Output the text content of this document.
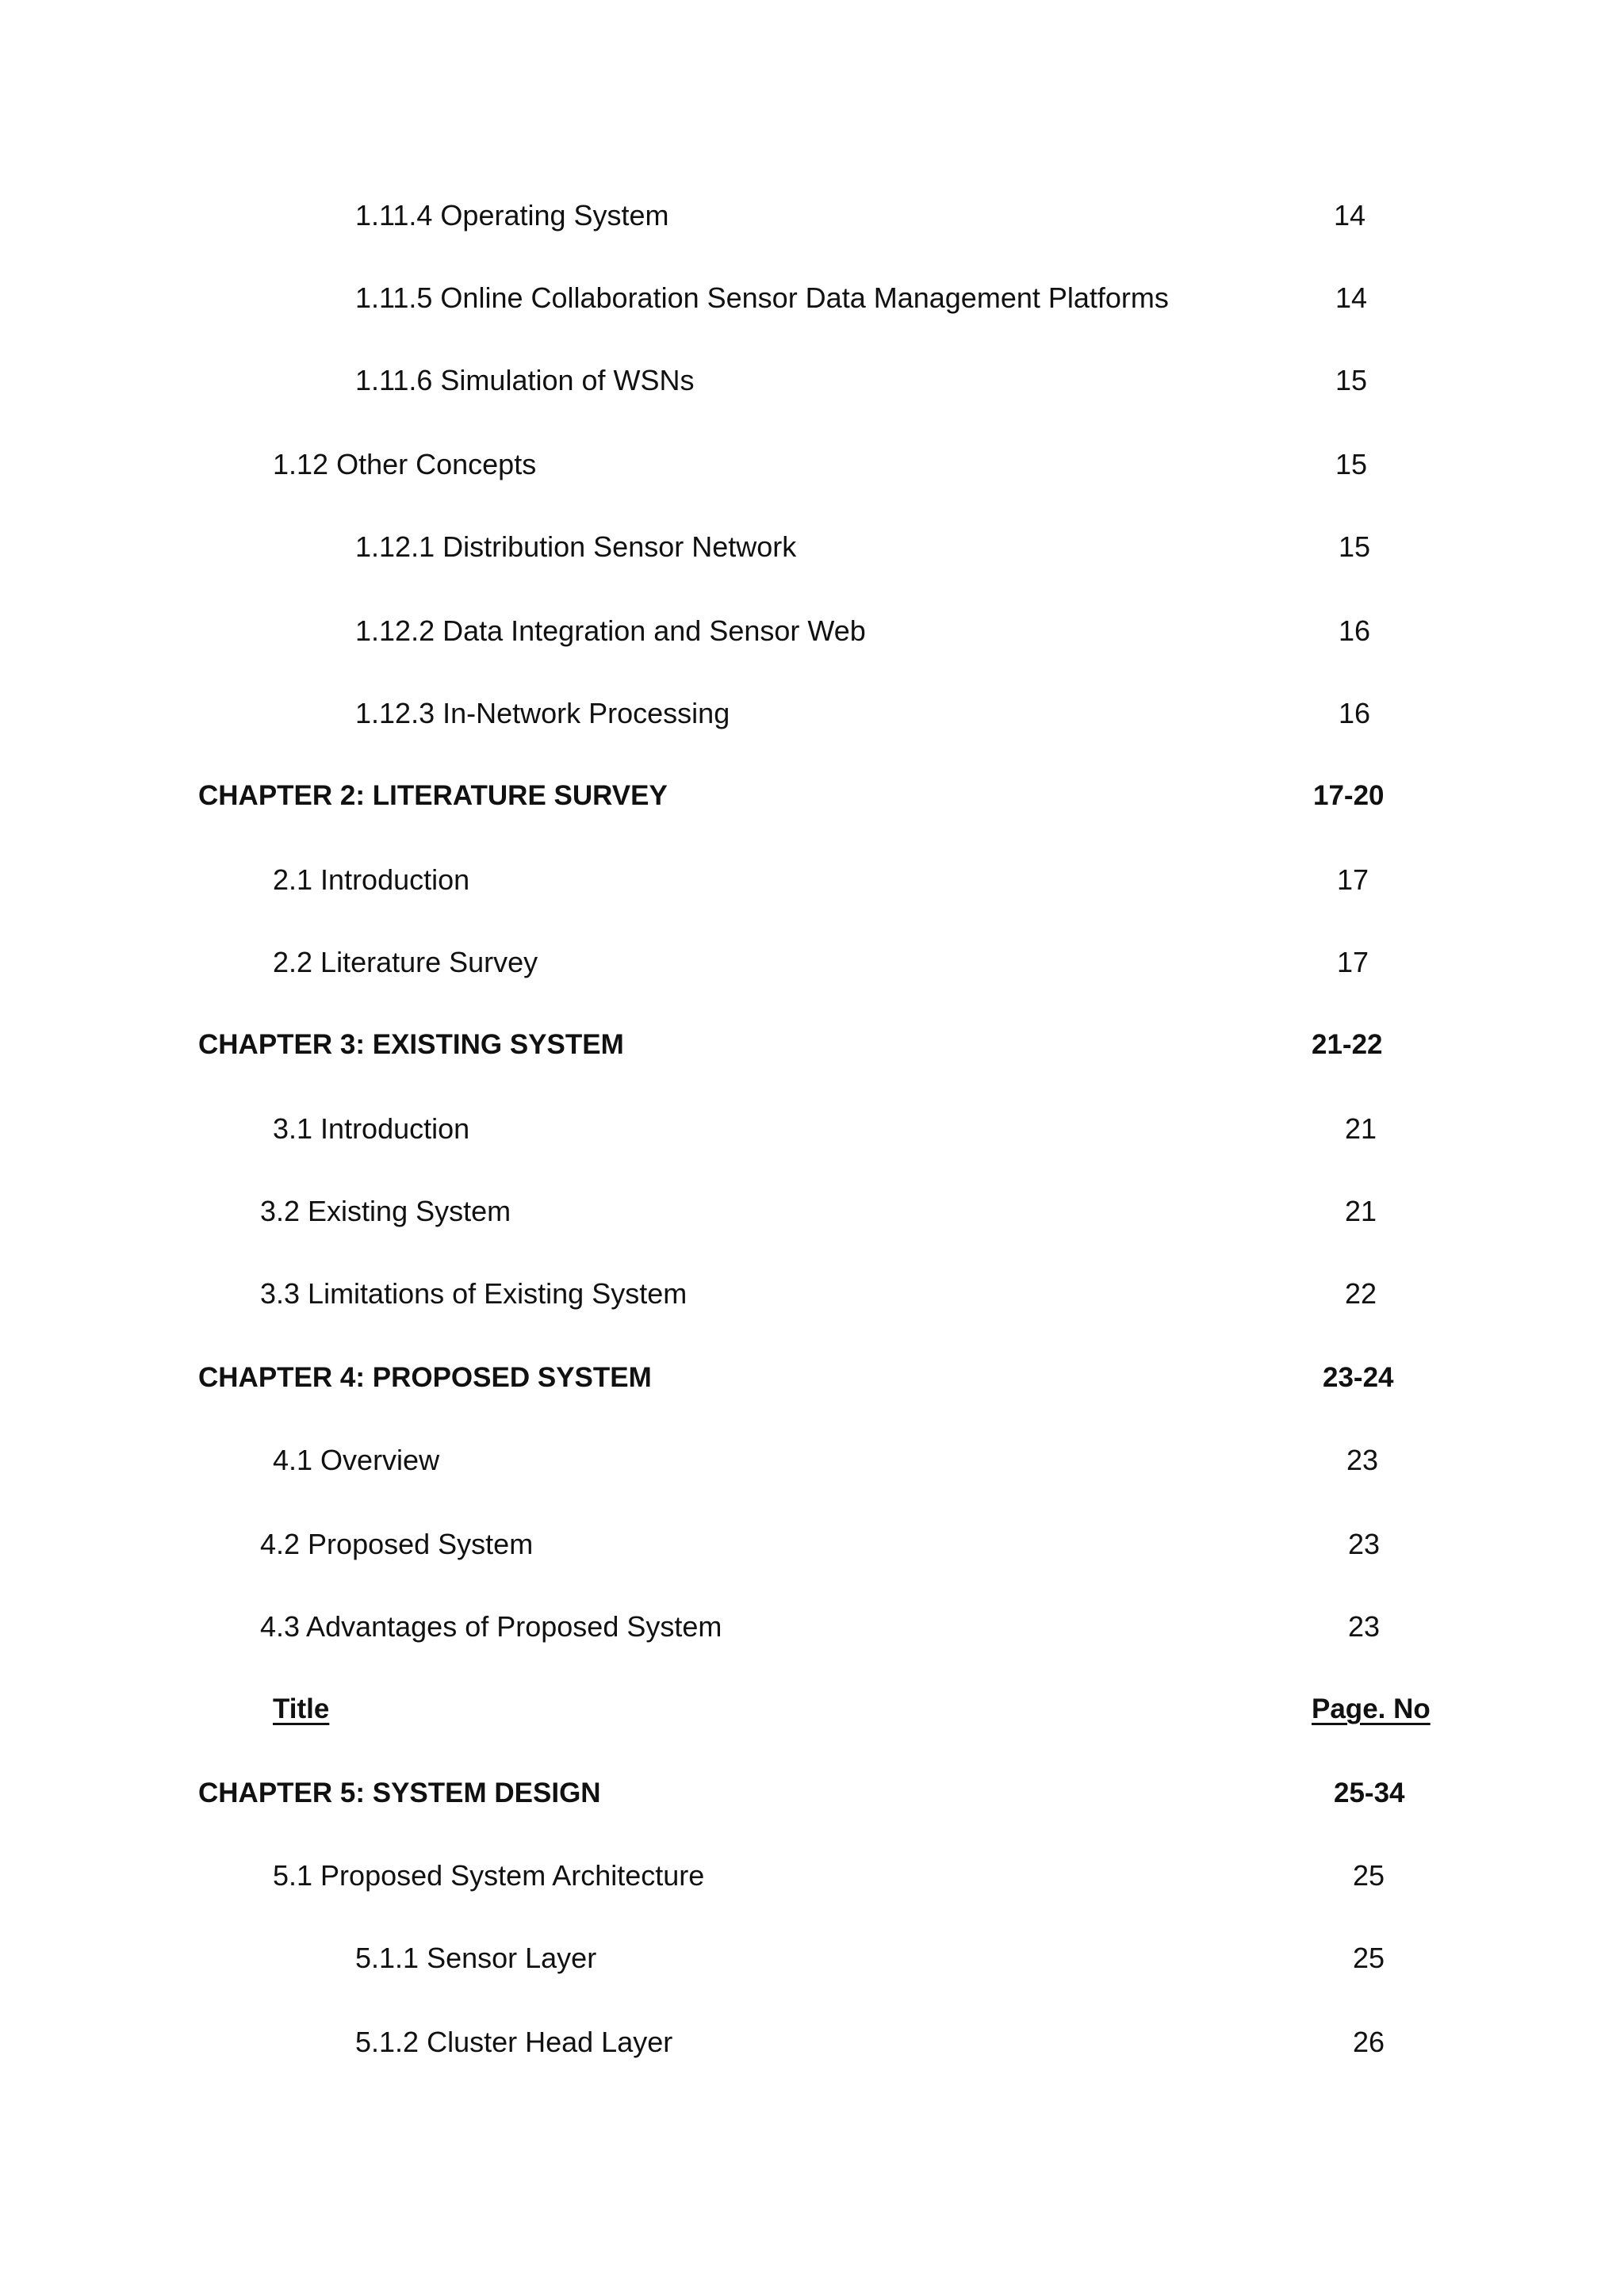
1.11.4 Operating System	14
1.11.5 Online Collaboration Sensor Data Management Platforms	14
1.11.6 Simulation of WSNs	15
1.12 Other Concepts	15
1.12.1 Distribution Sensor Network	15
1.12.2 Data Integration and Sensor Web	16
1.12.3 In-Network Processing	16
CHAPTER 2: LITERATURE SURVEY	17-20
2.1 Introduction	17
2.2 Literature Survey	17
CHAPTER 3: EXISTING SYSTEM	21-22
3.1 Introduction	21
3.2 Existing System	21
3.3 Limitations of Existing System	22
CHAPTER 4: PROPOSED SYSTEM	23-24
4.1 Overview	23
4.2 Proposed System	23
4.3 Advantages of Proposed System	23
Title	Page. No
CHAPTER 5: SYSTEM DESIGN	25-34
5.1 Proposed System Architecture	25
5.1.1 Sensor Layer	25
5.1.2 Cluster Head Layer	26
